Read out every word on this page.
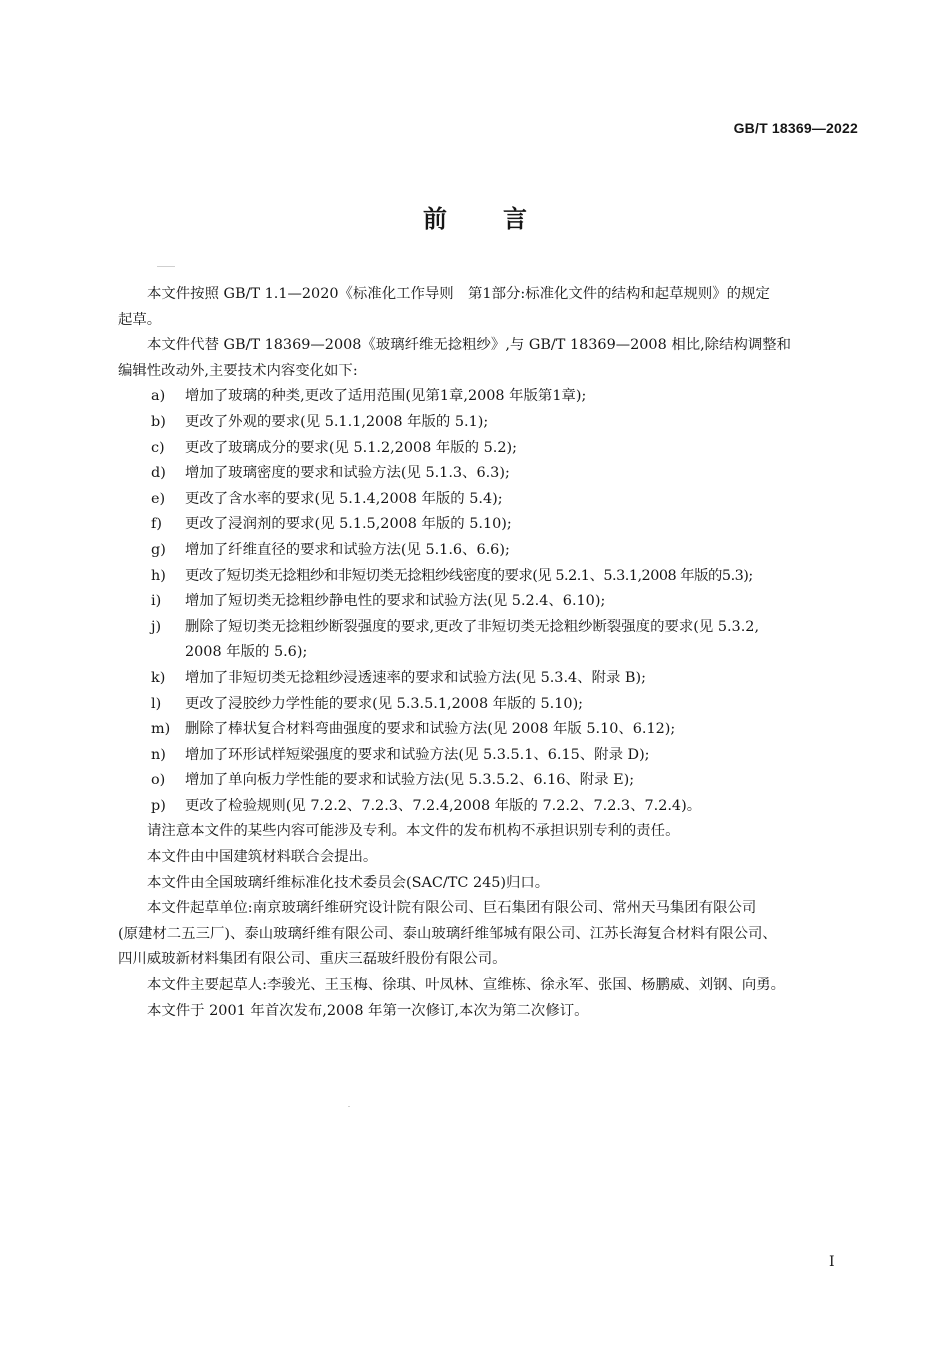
GB/T 18369—2022
前 言
本文件按照 GB/T 1.1—2020《标准化工作导则　第1部分:标准化文件的结构和起草规则》的规定
起草。
本文件代替 GB/T 18369—2008《玻璃纤维无捻粗纱》,与 GB/T 18369—2008 相比,除结构调整和
编辑性改动外,主要技术内容变化如下:
a) 增加了玻璃的种类,更改了适用范围(见第1章,2008 年版第1章);
b) 更改了外观的要求(见 5.1.1,2008 年版的 5.1);
c) 更改了玻璃成分的要求(见 5.1.2,2008 年版的 5.2);
d) 增加了玻璃密度的要求和试验方法(见 5.1.3、6.3);
e) 更改了含水率的要求(见 5.1.4,2008 年版的 5.4);
f) 更改了浸润剂的要求(见 5.1.5,2008 年版的 5.10);
g) 增加了纤维直径的要求和试验方法(见 5.1.6、6.6);
h) 更改了短切类无捻粗纱和非短切类无捻粗纱线密度的要求(见 5.2.1、5.3.1,2008 年版的5.3);
i) 增加了短切类无捻粗纱静电性的要求和试验方法(见 5.2.4、6.10);
j) 删除了短切类无捻粗纱断裂强度的要求,更改了非短切类无捻粗纱断裂强度的要求(见 5.3.2,
2008 年版的 5.6);
k) 增加了非短切类无捻粗纱浸透速率的要求和试验方法(见 5.3.4、附录 B);
l) 更改了浸胶纱力学性能的要求(见 5.3.5.1,2008 年版的 5.10);
m) 删除了棒状复合材料弯曲强度的要求和试验方法(见 2008 年版 5.10、6.12);
n) 增加了环形试样短梁强度的要求和试验方法(见 5.3.5.1、6.15、附录 D);
o) 增加了单向板力学性能的要求和试验方法(见 5.3.5.2、6.16、附录 E);
p) 更改了检验规则(见 7.2.2、7.2.3、7.2.4,2008 年版的 7.2.2、7.2.3、7.2.4)。
请注意本文件的某些内容可能涉及专利。本文件的发布机构不承担识别专利的责任。
本文件由中国建筑材料联合会提出。
本文件由全国玻璃纤维标准化技术委员会(SAC/TC 245)归口。
本文件起草单位:南京玻璃纤维研究设计院有限公司、巨石集团有限公司、常州天马集团有限公司
(原建材二五三厂)、泰山玻璃纤维有限公司、泰山玻璃纤维邹城有限公司、江苏长海复合材料有限公司、
四川威玻新材料集团有限公司、重庆三磊玻纤股份有限公司。
本文件主要起草人:李骏光、王玉梅、徐琪、叶凤林、宣维栋、徐永军、张国、杨鹏威、刘钢、向勇。
本文件于 2001 年首次发布,2008 年第一次修订,本次为第二次修订。
I
